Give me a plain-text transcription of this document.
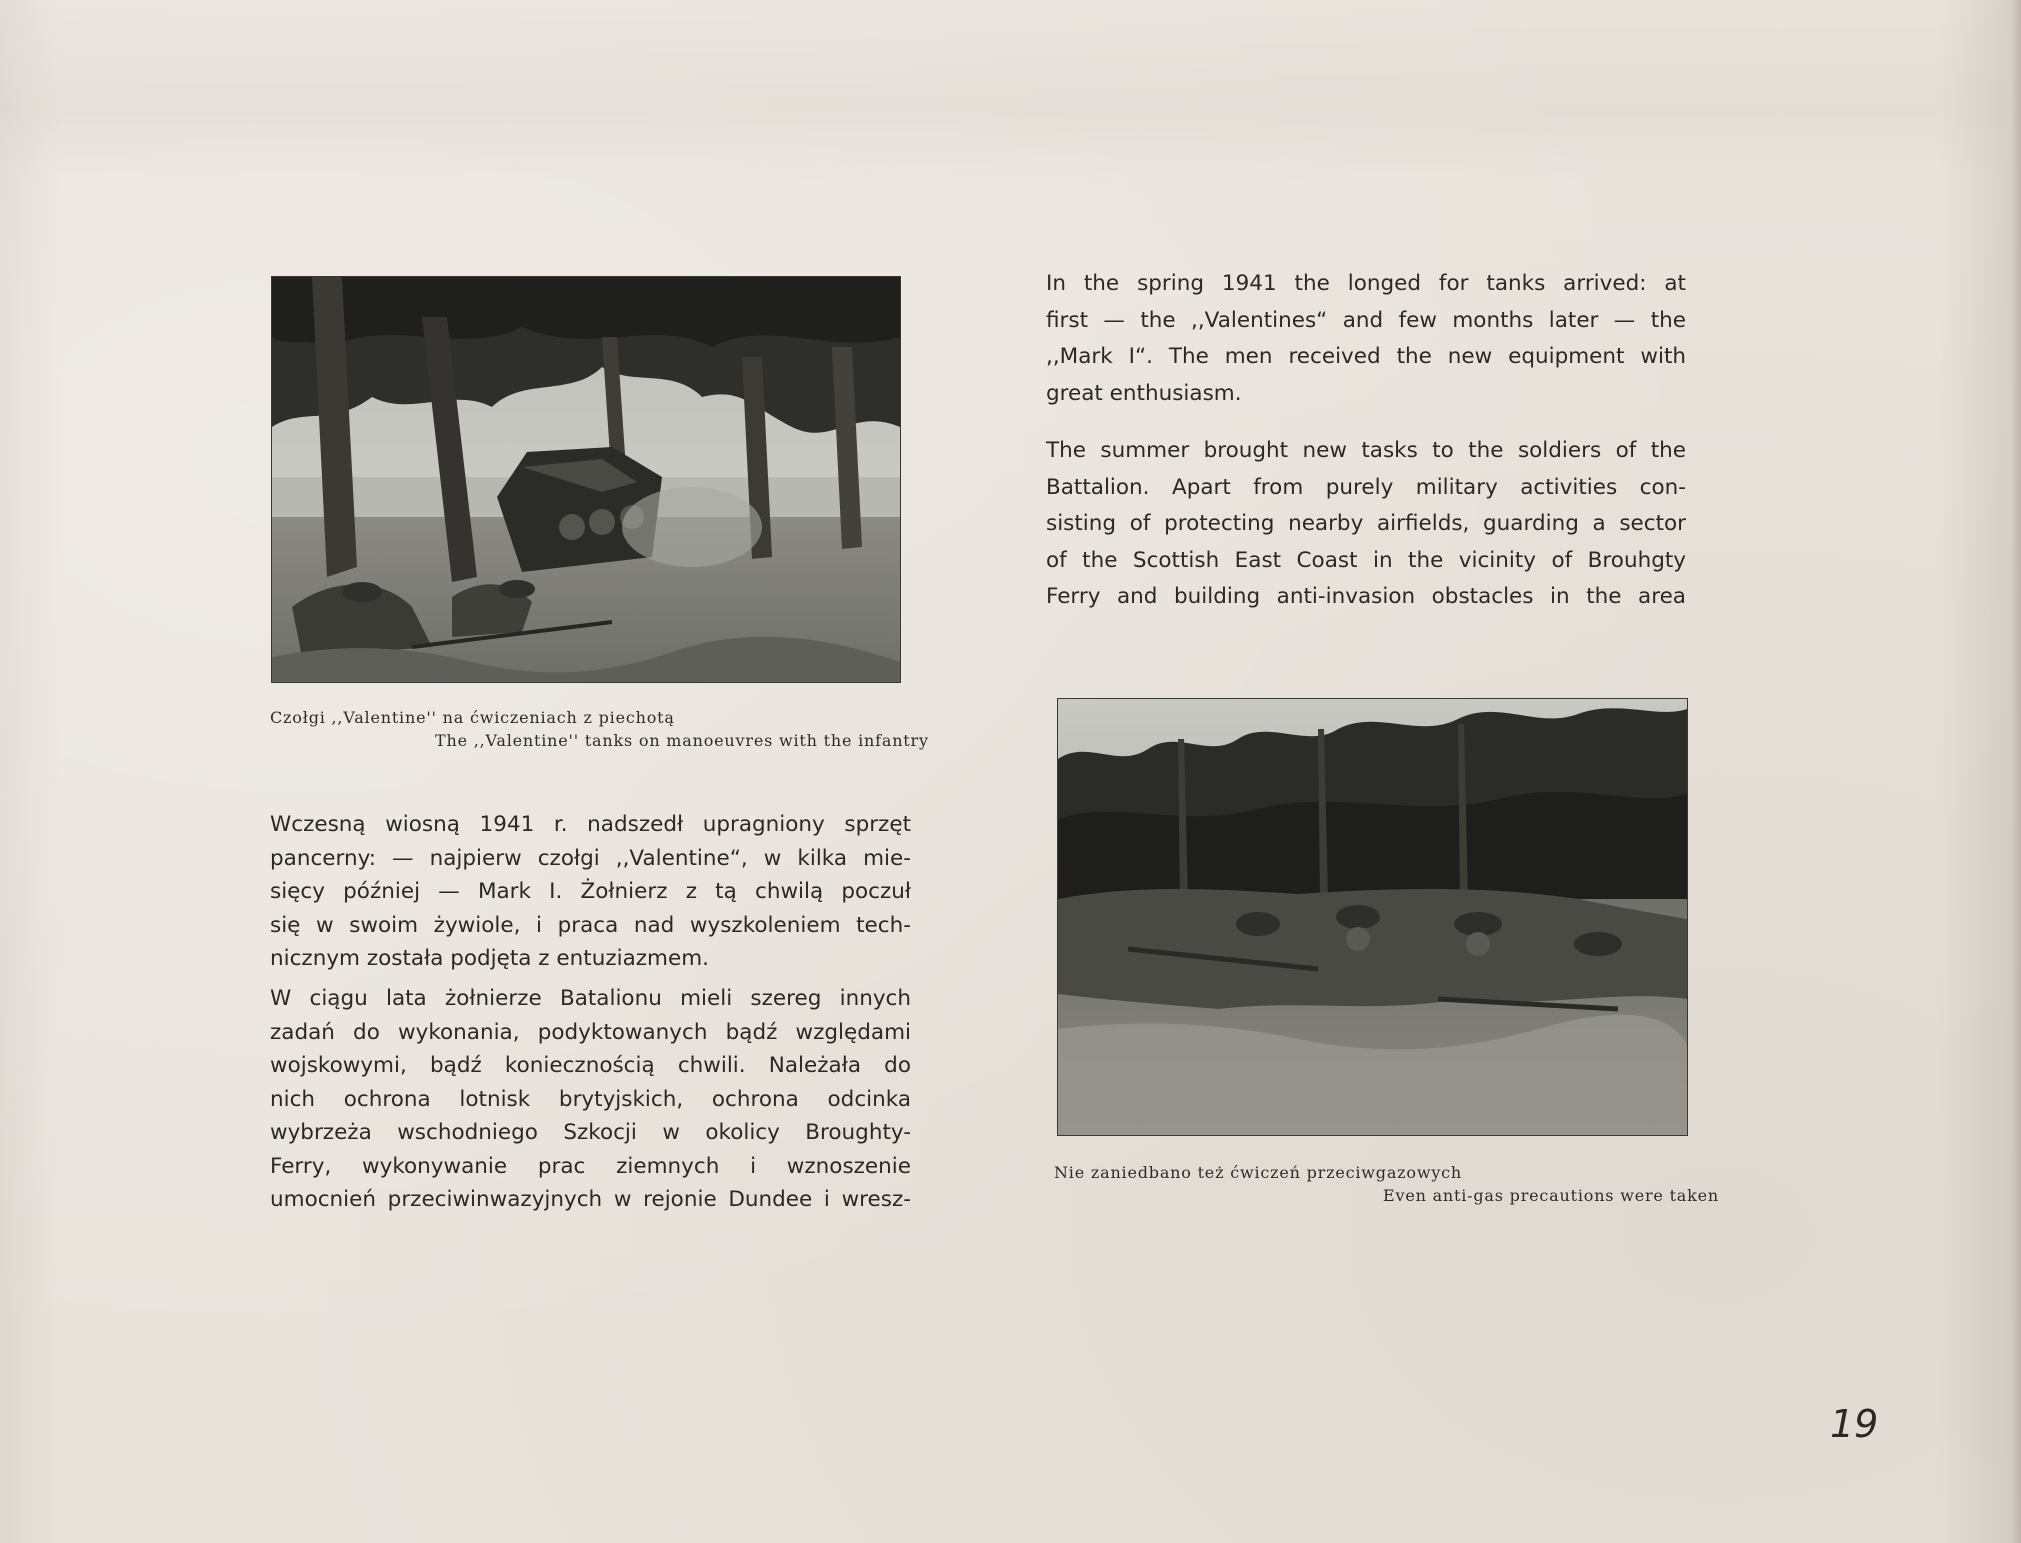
Czołgi ,,Valentine'' na ćwiczeniach z piechotą
The ,,Valentine'' tanks on manoeuvres with the infantry
In the spring 1941 the longed for tanks arrived: at
first — the ,,Valentines“ and few months later — the
,,Mark I“. The men received the new equipment with
great enthusiasm.
The summer brought new tasks to the soldiers of the
Battalion. Apart from purely military activities con-
sisting of protecting nearby airfields, guarding a sector
of the Scottish East Coast in the vicinity of Brouhgty
Ferry and building anti-invasion obstacles in the area
Nie zaniedbano też ćwiczeń przeciwgazowych
Even anti-gas precautions were taken
Wczesną wiosną 1941 r. nadszedł upragniony sprzęt
pancerny: — najpierw czołgi ,,Valentine“, w kilka mie-
sięcy później — Mark I. Żołnierz z tą chwilą poczuł
się w swoim żywiole, i praca nad wyszkoleniem tech-
nicznym została podjęta z entuziazmem.
W ciągu lata żołnierze Batalionu mieli szereg innych
zadań do wykonania, podyktowanych bądź względami
wojskowymi, bądź koniecznością chwili. Należała do
nich ochrona lotnisk brytyjskich, ochrona odcinka
wybrzeża wschodniego Szkocji w okolicy Broughty-
Ferry, wykonywanie prac ziemnych i wznoszenie
umocnień przeciwinwazyjnych w rejonie Dundee i wresz-
19
